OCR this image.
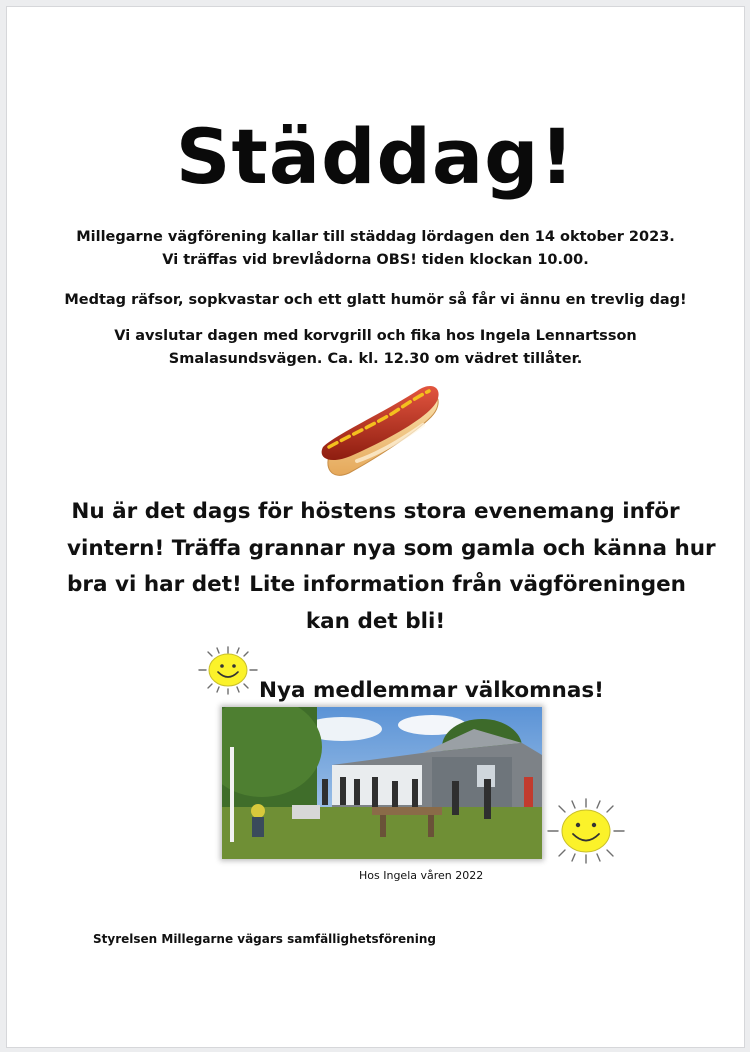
Städdag!
Millegarne vägförening kallar till städdag lördagen den 14 oktober 2023.
Vi träffas vid brevlådorna OBS! tiden klockan 10.00.
Medtag räfsor, sopkvastar och ett glatt humör så får vi ännu en trevlig dag!
Vi avslutar dagen med korvgrill och fika hos Ingela Lennartsson
Smalasundsvägen. Ca. kl. 12.30 om vädret tillåter.
Nu är det dags för höstens stora evenemang inför
vintern! Träffa grannar nya som gamla och känna hur
bra vi har det! Lite information från vägföreningen
kan det bli!
Nya medlemmar välkomnas!
Hos Ingela våren 2022
Styrelsen Millegarne vägars samfällighetsförening
